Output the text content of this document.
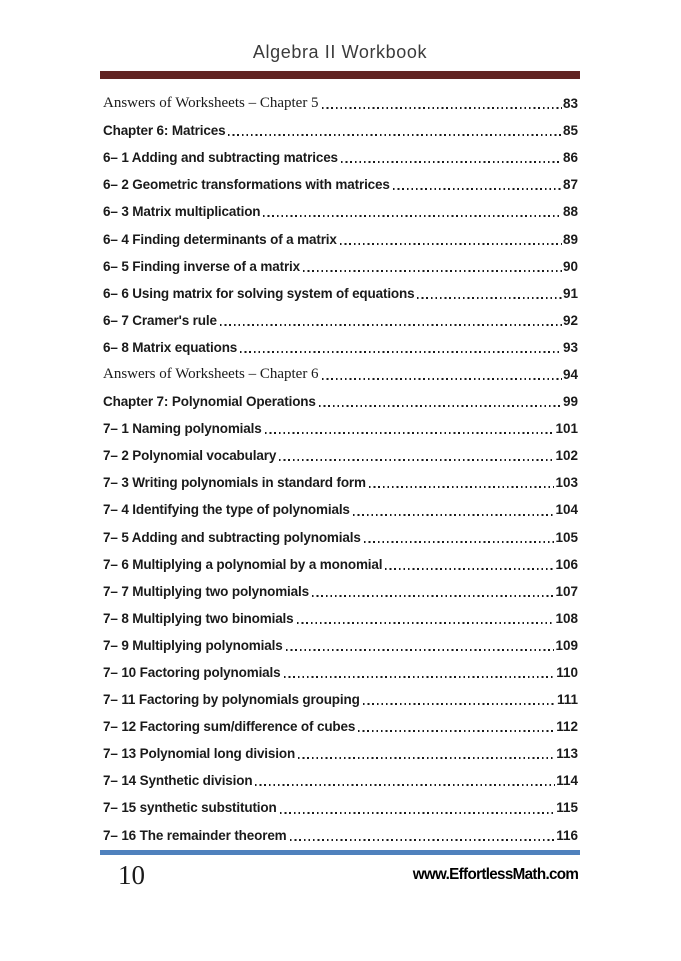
Algebra II Workbook
Answers of Worksheets – Chapter 5	83
Chapter 6: Matrices	85
6– 1 Adding and subtracting matrices	86
6– 2 Geometric transformations with matrices	87
6– 3 Matrix multiplication	88
6– 4 Finding determinants of a matrix	89
6– 5 Finding inverse of a matrix	90
6– 6 Using matrix for solving system of equations	91
6– 7 Cramer's rule	92
6– 8 Matrix equations	93
Answers of Worksheets – Chapter 6	94
Chapter 7: Polynomial Operations	99
7– 1 Naming polynomials	101
7– 2 Polynomial vocabulary	102
7– 3 Writing polynomials in standard form	103
7– 4 Identifying the type of polynomials	104
7– 5 Adding and subtracting polynomials	105
7– 6 Multiplying a polynomial by a monomial	106
7– 7 Multiplying two polynomials	107
7– 8 Multiplying two binomials	108
7– 9 Multiplying polynomials	109
7– 10 Factoring polynomials	110
7– 11 Factoring by polynomials grouping	111
7– 12 Factoring sum/difference of cubes	112
7– 13 Polynomial long division	113
7– 14 Synthetic division	114
7– 15 synthetic substitution	115
7– 16 The remainder theorem	116
10	www.EffortlessMath.com
